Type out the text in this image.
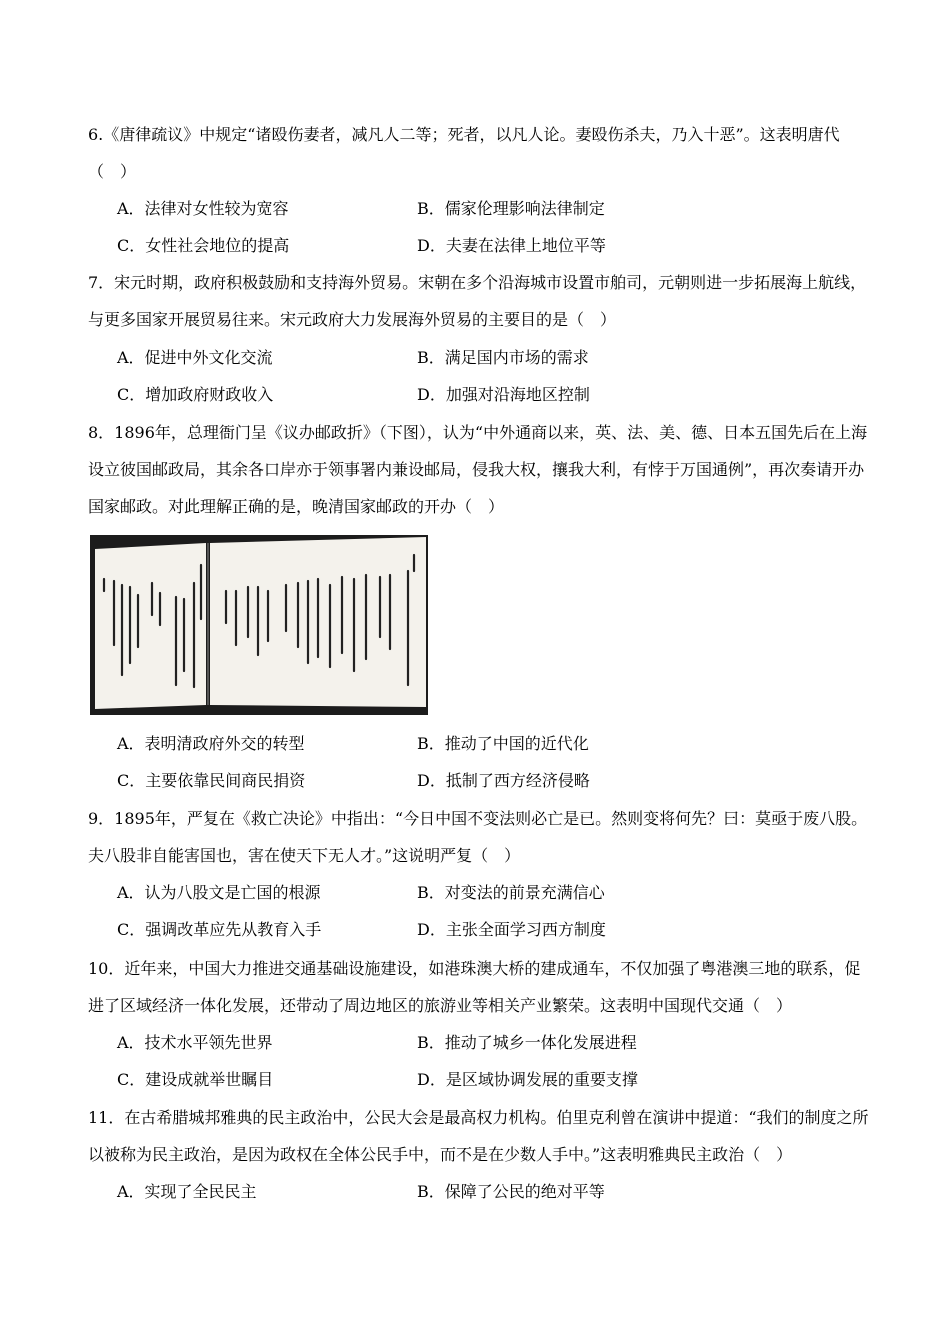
6.《唐律疏议》中规定“诸殴伤妻者，减凡人二等；死者，以凡人论。妻殴伤杀夫，乃入十恶”。这表明唐代（　）

A．法律对女性较为宽容	B．儒家伦理影响法律制定
C．女性社会地位的提高	D．夫妻在法律上地位平等

7．宋元时期，政府积极鼓励和支持海外贸易。宋朝在多个沿海城市设置市舶司，元朝则进一步拓展海上航线，与更多国家开展贸易往来。宋元政府大力发展海外贸易的主要目的是（　）

A．促进中外文化交流	B．满足国内市场的需求
C．增加政府财政收入	D．加强对沿海地区控制

8．1896年，总理衙门呈《议办邮政折》（下图），认为“中外通商以来，英、法、美、德、日本五国先后在上海设立彼国邮政局，其余各口岸亦于领事署内兼设邮局，侵我大权，攘我大利，有悖于万国通例”，再次奏请开办国家邮政。对此理解正确的是，晚清国家邮政的开办（　）

A．表明清政府外交的转型	B．推动了中国的近代化
C．主要依靠民间商民捐资	D．抵制了西方经济侵略

9．1895年，严复在《救亡决论》中指出：“今日中国不变法则必亡是已。然则变将何先？曰：莫亟于废八股。夫八股非自能害国也，害在使天下无人才。”这说明严复（　）

A．认为八股文是亡国的根源	B．对变法的前景充满信心
C．强调改革应先从教育入手	D．主张全面学习西方制度

10．近年来，中国大力推进交通基础设施建设，如港珠澳大桥的建成通车，不仅加强了粤港澳三地的联系，促进了区域经济一体化发展，还带动了周边地区的旅游业等相关产业繁荣。这表明中国现代交通（　）

A．技术水平领先世界	B．推动了城乡一体化发展进程
C．建设成就举世瞩目	D．是区域协调发展的重要支撑

11．在古希腊城邦雅典的民主政治中，公民大会是最高权力机构。伯里克利曾在演讲中提道：“我们的制度之所以被称为民主政治，是因为政权在全体公民手中，而不是在少数人手中。”这表明雅典民主政治（　）

A．实现了全民民主	B．保障了公民的绝对平等
